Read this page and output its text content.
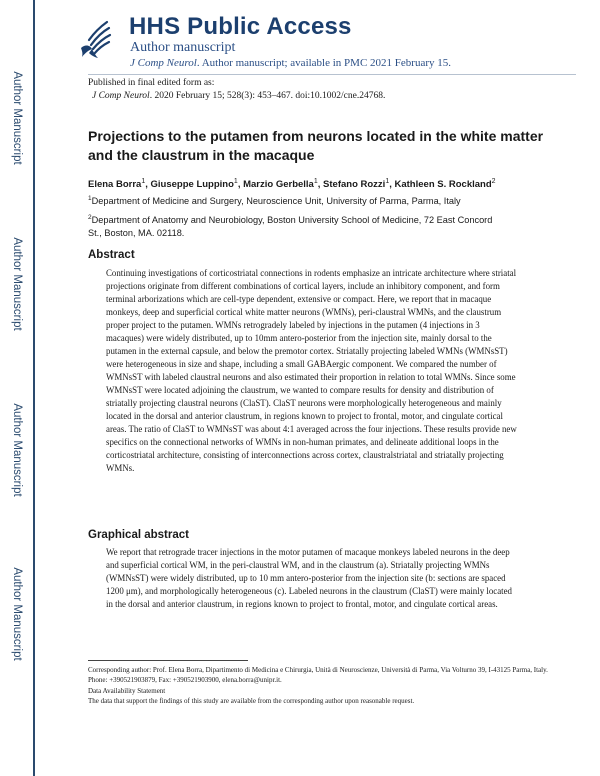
Author Manuscript
Author Manuscript
Author Manuscript
Author Manuscript
HHS Public Access
Author manuscript
J Comp Neurol. Author manuscript; available in PMC 2021 February 15.
Published in final edited form as:
J Comp Neurol. 2020 February 15; 528(3): 453–467. doi:10.1002/cne.24768.
Projections to the putamen from neurons located in the white matter and the claustrum in the macaque
Elena Borra$^1$, Giuseppe Luppino$^1$, Marzio Gerbella$^1$, Stefano Rozzi$^1$, Kathleen S. Rockland$^2$
$^1$Department of Medicine and Surgery, Neuroscience Unit, University of Parma, Parma, Italy
$^2$Department of Anatomy and Neurobiology, Boston University School of Medicine, 72 East Concord St., Boston, MA. 02118.
Abstract
Continuing investigations of corticostriatal connections in rodents emphasize an intricate architecture where striatal projections originate from different combinations of cortical layers, include an inhibitory component, and form terminal arborizations which are cell-type dependent, extensive or compact. Here, we report that in macaque monkeys, deep and superficial cortical white matter neurons (WMNs), peri-claustral WMNs, and the claustrum proper project to the putamen. WMNs retrogradely labeled by injections in the putamen (4 injections in 3 macaques) were widely distributed, up to 10mm antero-posterior from the injection site, mainly dorsal to the putamen in the external capsule, and below the premotor cortex. Striatally projecting labeled WMNs (WMNsST) were heterogeneous in size and shape, including a small GABAergic component. We compared the number of WMNsST with labeled claustral neurons and also estimated their proportion in relation to total WMNs. Since some WMNsST were located adjoining the claustrum, we wanted to compare results for density and distribution of striatally projecting claustral neurons (ClaST). ClaST neurons were morphologically heterogeneous and mainly located in the dorsal and anterior claustrum, in regions known to project to frontal, motor, and cingulate cortical areas. The ratio of ClaST to WMNsST was about 4:1 averaged across the four injections. These results provide new specifics on the connectional networks of WMNs in non-human primates, and delineate additional loops in the corticostriatal architecture, consisting of interconnections across cortex, claustralstriatal and striatally projecting WMNs.
Graphical abstract
We report that retrograde tracer injections in the motor putamen of macaque monkeys labeled neurons in the deep and superficial cortical WM, in the peri-claustral WM, and in the claustrum (a). Striatally projecting WMNs (WMNsST) were widely distributed, up to 10 mm antero-posterior from the injection site (b: sections are spaced 1200 μm), and morphologically heterogeneous (c). Labeled neurons in the claustrum (ClaST) were mainly located in the dorsal and anterior claustrum, in regions known to project to frontal, motor, and cingulate cortical areas.
Corresponding author: Prof. Elena Borra, Dipartimento di Medicina e Chirurgia, Unità di Neuroscienze, Università di Parma, Via Volturno 39, I-43125 Parma, Italy. Phone: +390521903879, Fax: +390521903900, elena.borra@unipr.it.
Data Availability Statement
The data that support the findings of this study are available from the corresponding author upon reasonable request.
